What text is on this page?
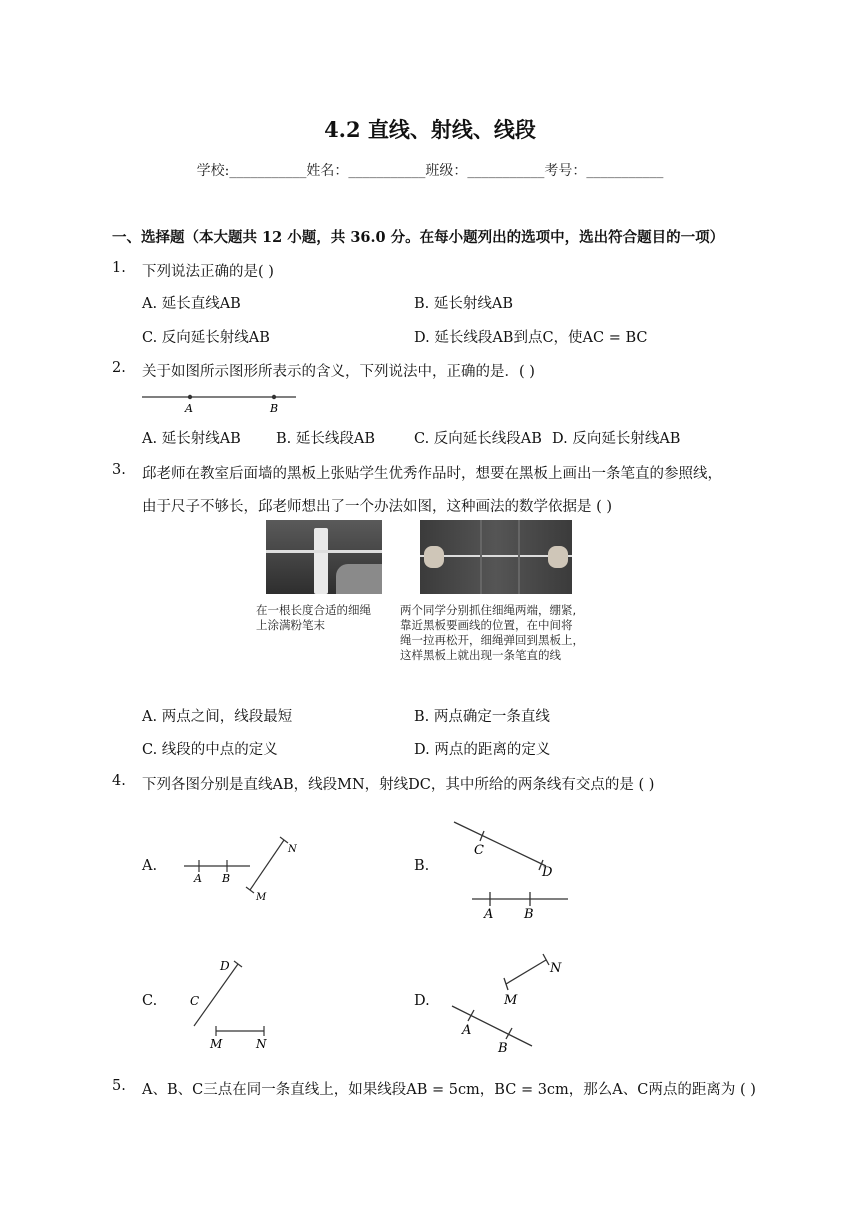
4.2 直线、射线、线段
学校:___________姓名：___________班级：___________考号：___________
一、选择题（本大题共 12 小题，共 36.0 分。在每小题列出的选项中，选出符合题目的一项）
1. 下列说法正确的是( )
A. 延长直线AB	B. 延长射线AB
C. 反向延长射线AB	D. 延长线段AB到点C，使AC = BC
2. 关于如图所示图形所表示的含义，下列说法中，正确的是．( )
A	B
A. 延长射线AB B. 延长线段AB	C. 反向延长线段AB D. 反向延长射线AB
3. 邱老师在教室后面墙的黑板上张贴学生优秀作品时，想要在黑板上画出一条笔直的参照线，
由于尺子不够长，邱老师想出了一个办法如图，这种画法的数学依据是 ( )
在一根长度合适的细绳
上涂满粉笔末
两个同学分别抓住细绳两端，绷紧,
靠近黑板要画线的位置，在中间将
绳一拉再松开，细绳弹回到黑板上，
这样黑板上就出现一条笔直的线
A. 两点之间，线段最短	B. 两点确定一条直线
C. 线段的中点的定义	D. 两点的距离的定义
4. 下列各图分别是直线AB，线段MN，射线DC，其中所给的两条线有交点的是 ( )
A.
A B
M
N
B.
C
D
A B
C.
D
C
M	N
D.	M
N
A
B
5. A、B、C三点在同一条直线上，如果线段AB = 5cm，BC = 3cm，那么A、C两点的距离为 ( )
